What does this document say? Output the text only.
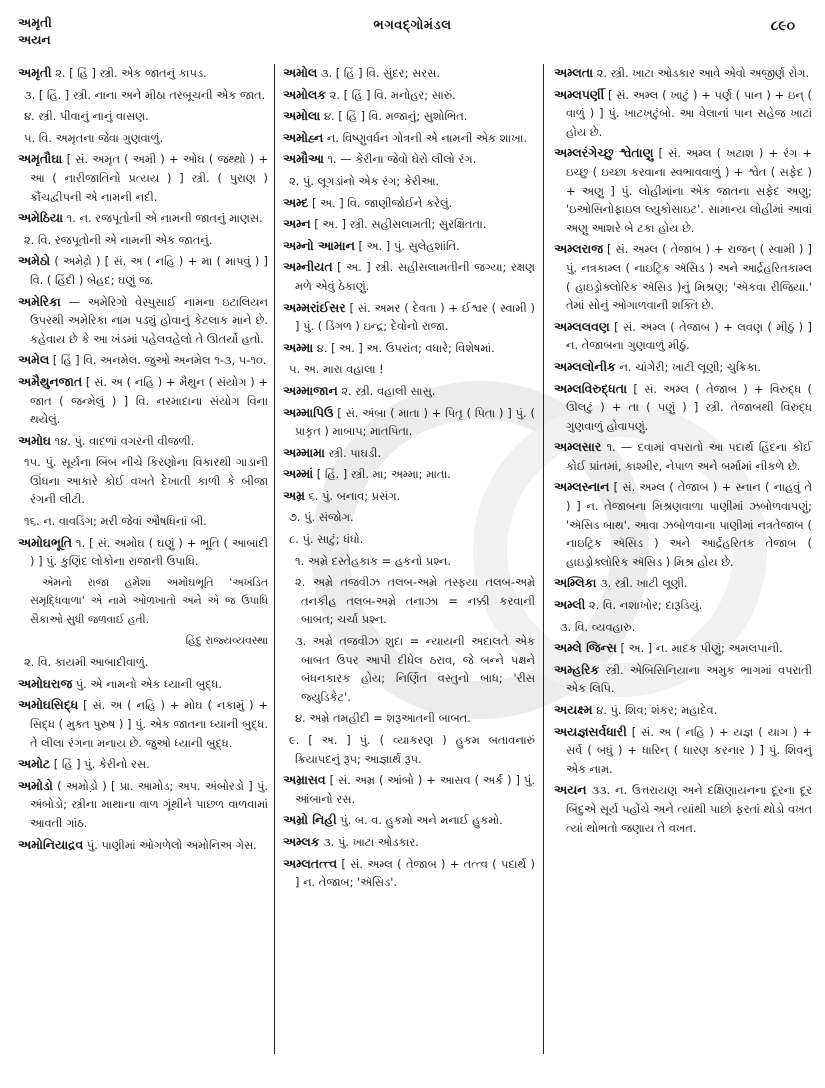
અમૃતી
અયન
ભગવદ્ગોમંડલ	૮૯૦
અમૃતી ૨. [ હિં ] સ્ત્રી. એક જાતનું કાપડ.
૩. [ હિં. ] સ્ત્રી. નાના અને મીઠા તરબૂચની એક જાત.
૪. સ્ત્રી. પીવાનું નાનું વાસણ.
૫. વિ. અમૃતના જેવા ગુણવાળું.
અમૃતૌઘા [ સં. અમૃત ( અમી ) + ઓઘ ( જથ્થો ) + આ ( નારીજાતિનો પ્રત્યય ) ] સ્ત્રી. ( પુરાણ ) ક્રૌંચદ્વીપની એ નામની નદી.
અમેઠિયા ૧. ન. રજપૂતોની એ નામની જાતનું માણસ.
૨. વિ. રજપૂતોની એ નામની એક જાતનું.
અમેઠો ( અમેઢ઼ો ) [ સં. અ ( નહિ ) + મા ( માપવું ) ] વિ. ( હિંદી ) બેહદ; ઘણું જ.
અમેરિકા — અમેરિગો વેસ્પુસાઈ નામના ઇટાલિયન ઉપરથી અમેરિકા નામ પડ્યું હોવાનું કેટલાક માને છે. કહેવાય છે કે આ ખંડમાં પહેલવહેલો તે ઊતર્યો હતો.
અમેલ [ હિં ] વિ. અનમેલ. જુઓ અનમેલ ૧-૩, ૫-૧૦.
અમૈથુનજાત [ સં. અ ( નહિ ) + મૈથુન ( સંયોગ ) + જાત ( જન્મેલું ) ] વિ. નરમાદાના સંયોગ વિના થયેલું.
અમોઘ ૧૪. પું. વાદળાં વગરની વીજળી.
૧૫. પું. સૂર્યના બિંબ નીચે કિરણોના વિકારથી ગાડાની ઊંધના આકારે કોઈ વખતે દેખાતી કાળી કે બીજા રંગની લીટી.
૧૬. ન. વાવડિંગ; મરી જેવાં ઔષધિનાં બી.
અમોઘભૂતિ ૧. [ સં. અમોઘ ( ઘણું ) + ભૂતિ ( આબાદી ) ] પું. કુણિંદ લોકોના રાજાની ઉપાધિ.
એમનો રાજા હમેશાં અમોઘભૂતિ 'અખંડિત સમૃદ્ધિવાળા' એ નામે ઓળખાતો અને એ જ ઉપાધિ સૈકાઓ સુધી જળવાઈ હતી.
હિંદુ રાજ્યવ્યવસ્થા
૨. વિ. કાયમી આબાદીવાળું.
અમોઘરાજ પું. એ નામનો એક ધ્યાની બુદ્ધ.
અમોઘસિદ્ધ [ સં. અ ( નહિ ) + મોઘ ( નકામું ) + સિદ્ધ ( મુક્ત પુરુષ ) ] પું. એક જાતના ધ્યાની બુદ્ધ. તે લીલા રંગના મનાય છે. જુઓ ધ્યાની બુદ્ધ.
અમોટ [ હિં ] પું. કેરીનો રસ.
અમોડો ( અમોડ઼ો ) [ પ્રા. આમોડ; અપ. અંબોરડો ] પું. અંબોડો; સ્ત્રીના માથાના વાળ ગૂંથીને પાછળ વાળવામાં આવતી ગાંઠ.
અમોનિયાદ્રવ પું. પાણીમાં ઓગળેલો અમોનિઅ ગેસ.
અમોલ ૩. [ હિં ] વિ. સુંદર; સરસ.
અમોલક ૨. [ હિં ] વિ. મનોહર; સારું.
અમોલા ૪. [ હિં ] વિ. મજાનું; સુશોભિત.
અમોહ્ન ન. વિષ્ણુવર્ધન ગોત્રની એ નામની એક શાખા.
અમૌઆ ૧. — કેરીના જેવો ઘેરો લીલો રંગ.
૨. પું. લૂગડાંનો એક રંગ; કેરીઆ.
અમ્દ [ અ. ] વિ. જાણીજોઈને કરેલું.
અમ્ન [ અ. ] સ્ત્રી. સહીસલામતી; સુરક્ષિતતા.
અમ્નો આમાન [ અ. ] પું. સુલેહશાંતિ.
અમ્નીયત [ અ. ] સ્ત્રી. સહીસલામતીની જગ્યા; રક્ષણ મળે એવું ઠેકાણું.
અમ્મરાંઈસર [ સં. અમર ( દેવતા ) + ઈશ્વર ( સ્વામી ) ] પું. ( ડિંગળ ) ઇન્દ્ર; દેવોનો રાજા.
અમ્મા ૪. [ અ. ] અ. ઉપરાંત; વધારે; વિશેષમાં.
૫. અ. મારા વહાલા !
અમ્માજાન ૨. સ્ત્રી. વહાલી સાસુ.
અમ્માપિઉ [ સં. અંબા ( માતા ) + પિતૃ ( પિતા ) ] પું. ( પ્રાકૃત ) માબાપ; માતપિતા.
અમ્મામા સ્ત્રી. પાઘડી.
અમ્માં [ હિં. ] સ્ત્રી. મા; અમ્મા; માતા.
અમ્ર ૬. પું. બનાવ; પ્રસંગ.
૭. પું. સંજોગ.
૮. પું. સાટું; ધંધો.
૧. અમ્રે દસ્તેહકાક = હકનો પ્રશ્ન.
૨. અમ્રે તજવીઝ તલબ-અમ્રે તસ્ફયા તલબ-અમ્રે તનકીહ તલબ-અમ્રે તનાઝા = નક્કી કરવાની બાબત; ચર્ચા પ્રશ્ન.
૩. અમ્રે તજવીઝ શુદા = ન્યાયની અદાલતે એક બાબત ઉપર આપી દીધેલ ઠરાવ, જે બન્ને પક્ષને બંધનકારક હોય; નિર્ણિત વસ્તુનો બાધ; 'રીસ જ્યુડિકેટ'.
૪. અમ્રે તમહીદી = શરૂઆતની બાબત.
૯. [ અ. ] પું. ( વ્યાકરણ ) હુકમ બતાવનારું ક્રિયાપદનું રૂપ; આજ્ઞાર્થ રૂપ.
અમ્રાસવ [ સં. અમ્ર ( આંબો ) + આસવ ( અર્ક ) ] પું. આંબાનો રસ.
અમ્રો નિહી પું. બ. વ. હુકમો અને મનાઈ હુકમો.
અમ્લક ૩. પું. ખાટા ઓડકાર.
અમ્લતત્ત્વ [ સં. અમ્લ ( તેજાબ ) + તત્ત્વ ( પદાર્થ ) ] ન. તેજાબ; 'ઍસિડ'.
અમ્લતા ૨. સ્ત્રી. ખાટા ઓડકાર આવે એવો અજીર્ણ રોગ.
અમ્લપર્ણી [ સં. અમ્લ ( ખાટું ) + પર્ણ ( પાન ) + ઇન્ ( વાળું ) ] પું. ખાટખટુંબો. આ વેલાનાં પાન સહેજ ખાટાં હોય છે.
અમ્લરંગેચ્છુ શ્વેતાણુ [ સં. અમ્લ ( ખટાશ ) + રંગ + ઇચ્છુ ( ઇચ્છા કરવાના સ્વભાવવાળું ) + શ્વેત ( સફેદ ) + અણુ ] પું. લોહીમાંના એક જાતના સફેદ અણુ; 'ઇઓસિનોફાઇલ લ્યુકોસાઇટ'. સામાન્ય લોહીમાં આવાં અણુ આશરે બે ટકા હોય છે.
અમ્લરાજ [ સં. અમ્લ ( તેજાબ ) + રાજન્ ( સ્વામી ) ] પું. નત્રકામ્લ ( નાઇટ્રિક ઍસિડ ) અને આર્દ્રહરિતકામ્લ ( હાઇડ્રોક્લોરિક ઍસિડ )નું મિશ્રણ; 'ઍકવા રીજિયા.' તેમાં સોનું ઓગાળવાની શક્તિ છે.
અમ્લલવણ [ સં. અમ્લ ( તેજાબ ) + લવણ ( મીઠું ) ] ન. તેજાબના ગુણવાળું મીઠું.
અમ્લલોનીક ન. ચાંગેરી; ખાટી લૂણી; ચુક્રિકા.
અમ્લવિરુદ્ધતા [ સં. અમ્લ ( તેજાબ ) + વિરુદ્ધ ( ઊલટું ) + તા ( પણું ) ] સ્ત્રી. તેજાબથી વિરુદ્ધ ગુણવાળું હોવાપણું.
અમ્લસાર ૧. — દવામાં વપરાતો આ પદાર્થ હિંદના કોઈ કોઈ પ્રાંતમાં, કાશ્મીર, નેપાળ અને બર્મામાં નીકળે છે.
અમ્લસ્નાન [ સં. અમ્લ ( તેજાબ ) + સ્નાન ( નાહવું તે ) ] ન. તેજાબના મિશ્રણવાળા પાણીમાં ઝબોળવાપણું; 'ઍસિડ બાથ'. આવા ઝબોળવાના પાણીમાં નત્રતેજાબ ( નાઇટ્રિક ઍસિડ ) અને આર્દ્રહરિતક તેજાબ ( હાઇડ્રોક્લોરિક ઍસિડ ) મિશ્ર હોય છે.
અમ્લિકા ૩. સ્ત્રી. ખાટી લૂણી.
અમ્લી ૨. વિ. નશાખોર; દારૂડિયું.
૩. વિ. વ્યવહારુ.
અમ્લે જિન્સ [ અ. ] ન. માદક પીણું; અમલપાની.
અમ્હરિક સ્ત્રી. એબિસિનિયાના અમુક ભાગમાં વપરાતી એક લિપિ.
અયક્ષ્મ ૪. પું. શિવ; શંકર; મહાદેવ.
અયજ્ઞસર્વધારી [ સં. અ ( નહિ ) + યજ્ઞ ( યાગ ) + સર્વ ( બધું ) + ધારિન્ ( ધારણ કરનાર ) ] પું. શિવનું એક નામ.
અયન ૩૩. ન. ઉત્તરાયણ અને દક્ષિણાયનના દૂરના દૂર બિંદુએ સૂર્ય પહોંચે અને ત્યાંથી પાછો ફરતાં થોડો વખત ત્યાં થોભતો જણાય તે વખત.
